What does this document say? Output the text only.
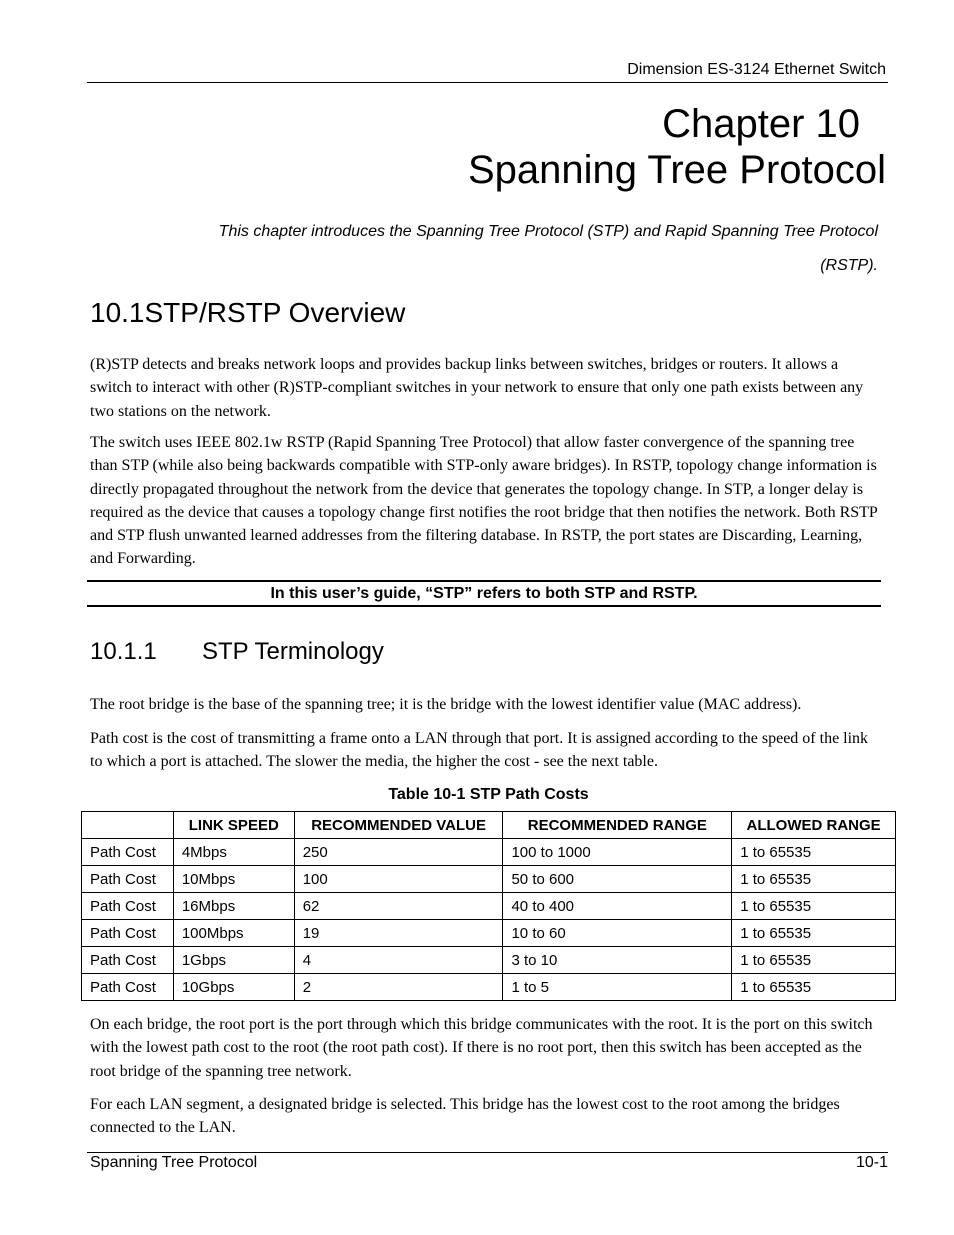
Dimension ES-3124 Ethernet Switch
Chapter 10
Spanning Tree Protocol
This chapter introduces the Spanning Tree Protocol (STP) and Rapid Spanning Tree Protocol
(RSTP).
10.1STP/RSTP Overview

(R)STP detects and breaks network loops and provides backup links between switches, bridges or routers. It allows a switch to interact with other (R)STP-compliant switches in your network to ensure that only one path exists between any two stations on the network.

The switch uses IEEE 802.1w RSTP (Rapid Spanning Tree Protocol) that allow faster convergence of the spanning tree than STP (while also being backwards compatible with STP-only aware bridges). In RSTP, topology change information is directly propagated throughout the network from the device that generates the topology change. In STP, a longer delay is required as the device that causes a topology change first notifies the root bridge that then notifies the network. Both RSTP and STP flush unwanted learned addresses from the filtering database. In RSTP, the port states are Discarding, Learning, and Forwarding.

In this user’s guide, “STP” refers to both STP and RSTP.
10.1.1 STP Terminology

The root bridge is the base of the spanning tree; it is the bridge with the lowest identifier value (MAC address).

Path cost is the cost of transmitting a frame onto a LAN through that port. It is assigned according to the speed of the link to which a port is attached. The slower the media, the higher the cost - see the next table.

Table 10-1 STP Path Costs
	LINK SPEED	RECOMMENDED VALUE	RECOMMENDED RANGE	ALLOWED RANGE
Path Cost	4Mbps	250	100 to 1000	1 to 65535
Path Cost	10Mbps	100	50 to 600	1 to 65535
Path Cost	16Mbps	62	40 to 400	1 to 65535
Path Cost	100Mbps	19	10 to 60	1 to 65535
Path Cost	1Gbps	4	3 to 10	1 to 65535
Path Cost	10Gbps	2	1 to 5	1 to 65535

On each bridge, the root port is the port through which this bridge communicates with the root. It is the port on this switch with the lowest path cost to the root (the root path cost). If there is no root port, then this switch has been accepted as the root bridge of the spanning tree network.

For each LAN segment, a designated bridge is selected. This bridge has the lowest cost to the root among the bridges connected to the LAN.

Spanning Tree Protocol	10-1
